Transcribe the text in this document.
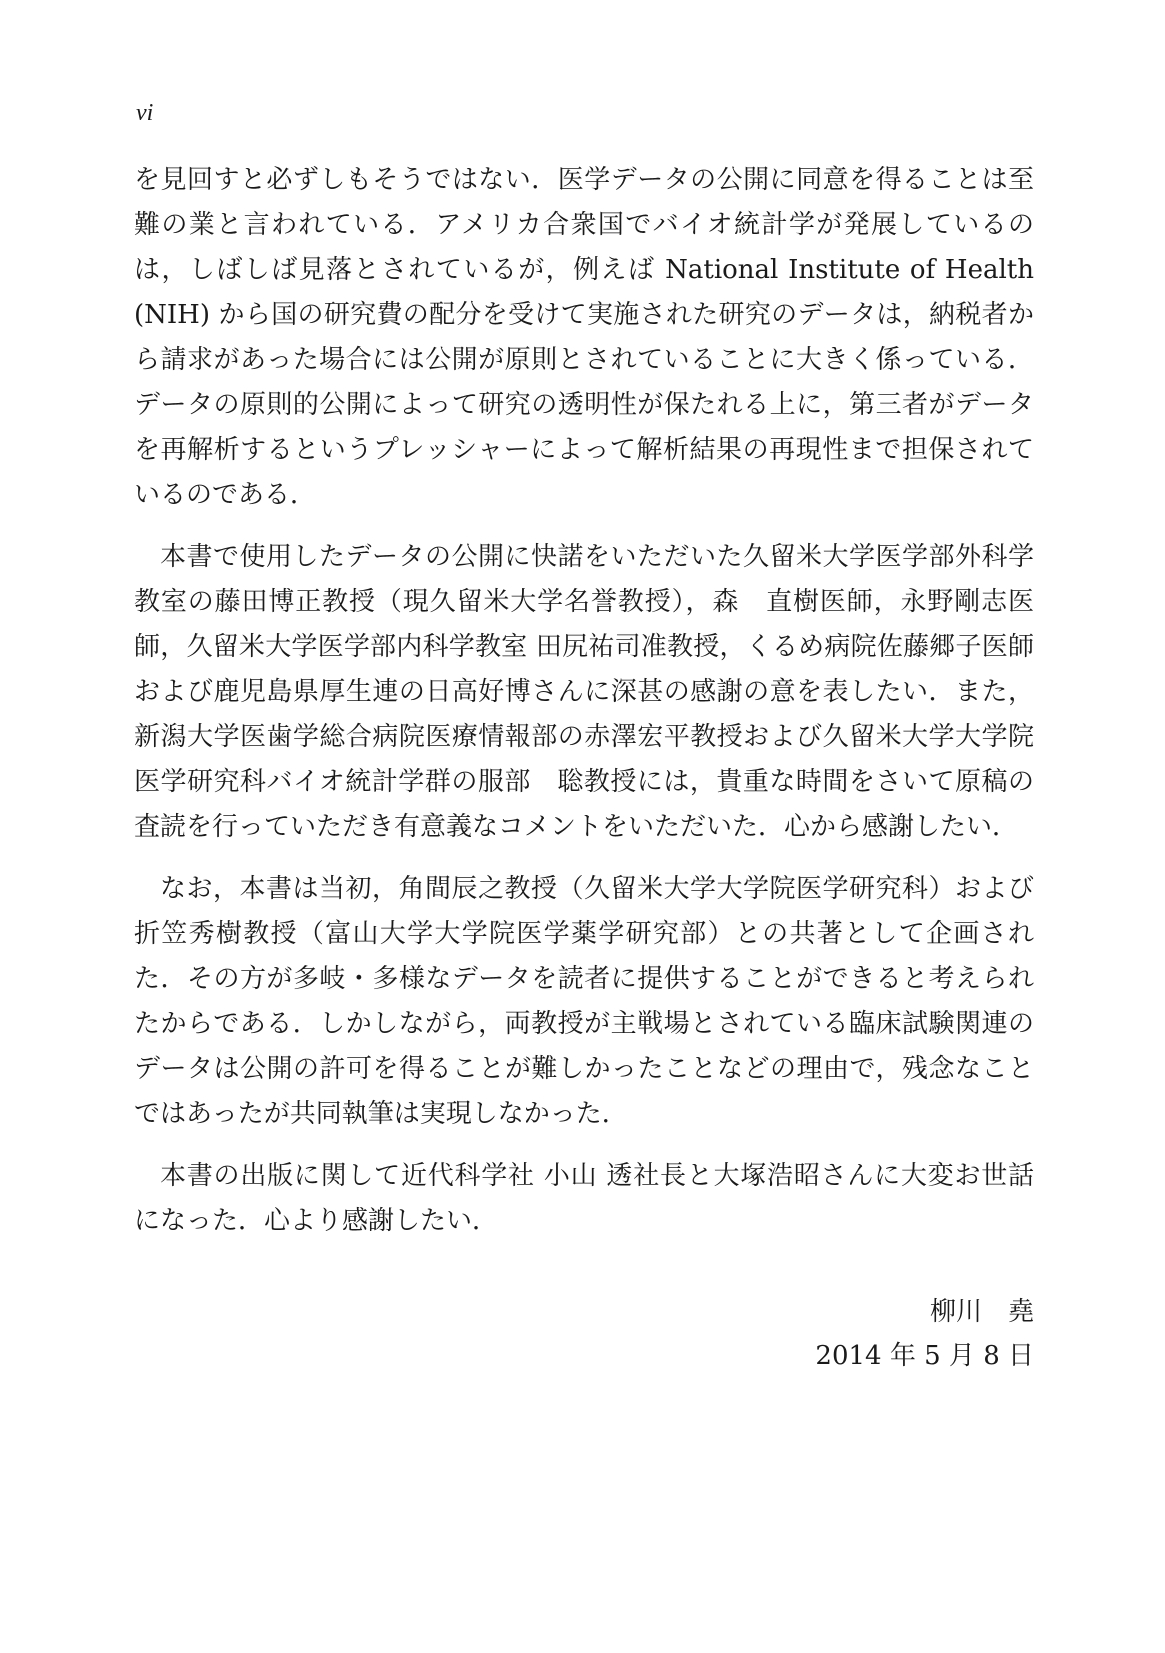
vi

を見回すと必ずしもそうではない．医学データの公開に同意を得ることは至難の業と言われている．アメリカ合衆国でバイオ統計学が発展しているのは，しばしば見落とされているが，例えば National Institute of Health (NIH) から国の研究費の配分を受けて実施された研究のデータは，納税者から請求があった場合には公開が原則とされていることに大きく係っている．データの原則的公開によって研究の透明性が保たれる上に，第三者がデータを再解析するというプレッシャーによって解析結果の再現性まで担保されているのである．

本書で使用したデータの公開に快諾をいただいた久留米大学医学部外科学教室の藤田博正教授（現久留米大学名誉教授），森　直樹医師，永野剛志医師，久留米大学医学部内科学教室 田尻祐司准教授，くるめ病院佐藤郷子医師および鹿児島県厚生連の日高好博さんに深甚の感謝の意を表したい．また，新潟大学医歯学総合病院医療情報部の赤澤宏平教授および久留米大学大学院医学研究科バイオ統計学群の服部　聡教授には，貴重な時間をさいて原稿の査読を行っていただき有意義なコメントをいただいた．心から感謝したい．

なお，本書は当初，角間辰之教授（久留米大学大学院医学研究科）および折笠秀樹教授（富山大学大学院医学薬学研究部）との共著として企画された．その方が多岐・多様なデータを読者に提供することができると考えられたからである．しかしながら，両教授が主戦場とされている臨床試験関連のデータは公開の許可を得ることが難しかったことなどの理由で，残念なことではあったが共同執筆は実現しなかった．

本書の出版に関して近代科学社 小山 透社長と大塚浩昭さんに大変お世話になった．心より感謝したい．

柳川　堯
2014 年 5 月 8 日
